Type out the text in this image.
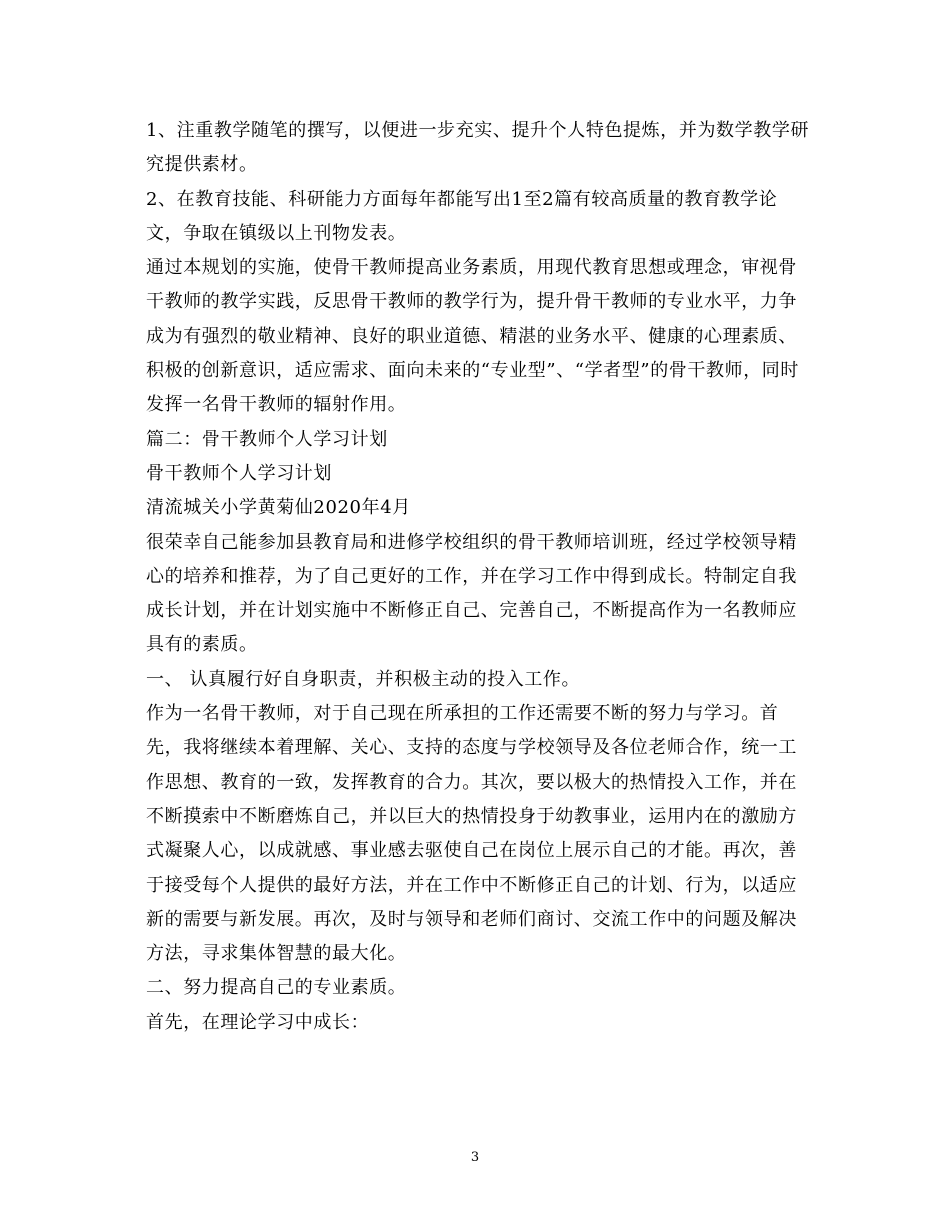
1、注重教学随笔的撰写，以便进一步充实、提升个人特色提炼，并为数学教学研究提供素材。

2、在教育技能、科研能力方面每年都能写出1至2篇有较高质量的教育教学论文，争取在镇级以上刊物发表。

通过本规划的实施，使骨干教师提高业务素质，用现代教育思想或理念，审视骨干教师的教学实践，反思骨干教师的教学行为，提升骨干教师的专业水平，力争成为有强烈的敬业精神、良好的职业道德、精湛的业务水平、健康的心理素质、积极的创新意识，适应需求、面向未来的“专业型”、“学者型”的骨干教师，同时发挥一名骨干教师的辐射作用。

篇二：骨干教师个人学习计划

骨干教师个人学习计划

清流城关小学黄菊仙2020年4月

很荣幸自己能参加县教育局和进修学校组织的骨干教师培训班，经过学校领导精心的培养和推荐，为了自己更好的工作，并在学习工作中得到成长。特制定自我成长计划，并在计划实施中不断修正自己、完善自己，不断提高作为一名教师应具有的素质。

一、 认真履行好自身职责，并积极主动的投入工作。

作为一名骨干教师，对于自己现在所承担的工作还需要不断的努力与学习。首先，我将继续本着理解、关心、支持的态度与学校领导及各位老师合作，统一工作思想、教育的一致，发挥教育的合力。其次，要以极大的热情投入工作，并在不断摸索中不断磨炼自己，并以巨大的热情投身于幼教事业，运用内在的激励方式凝聚人心，以成就感、事业感去驱使自己在岗位上展示自己的才能。再次，善于接受每个人提供的最好方法，并在工作中不断修正自己的计划、行为，以适应新的需要与新发展。再次，及时与领导和老师们商讨、交流工作中的问题及解决方法，寻求集体智慧的最大化。

二、努力提高自己的专业素质。

首先，在理论学习中成长：

3
